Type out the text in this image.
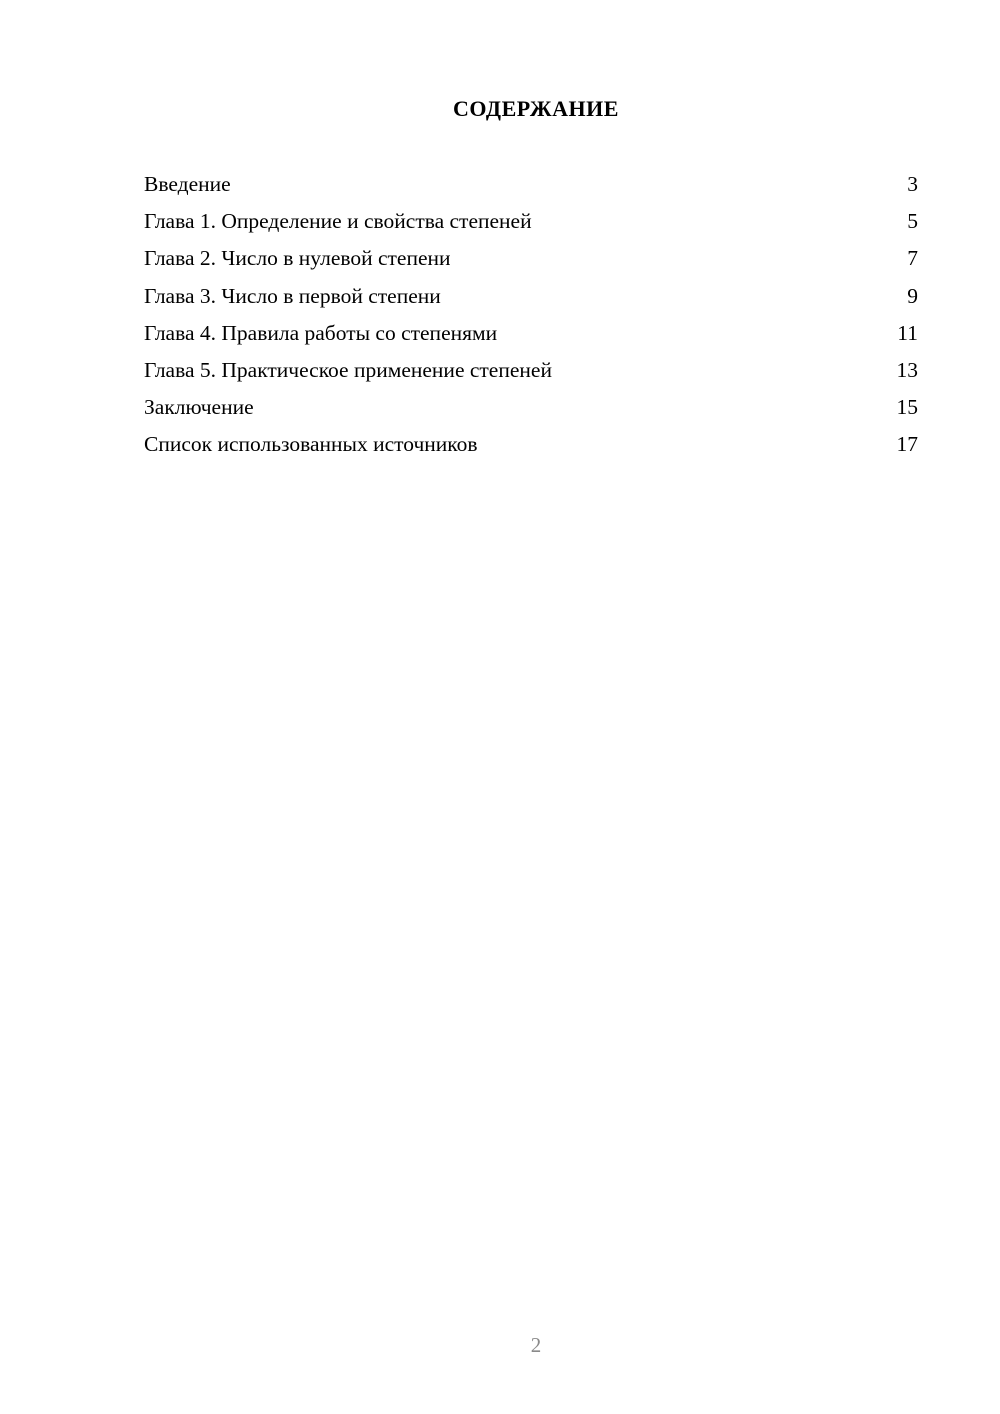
СОДЕРЖАНИЕ
Введение	3
Глава 1. Определение и свойства степеней	5
Глава 2. Число в нулевой степени	7
Глава 3. Число в первой степени	9
Глава 4. Правила работы со степенями	11
Глава 5. Практическое применение степеней	13
Заключение	15
Список использованных источников	17
2
